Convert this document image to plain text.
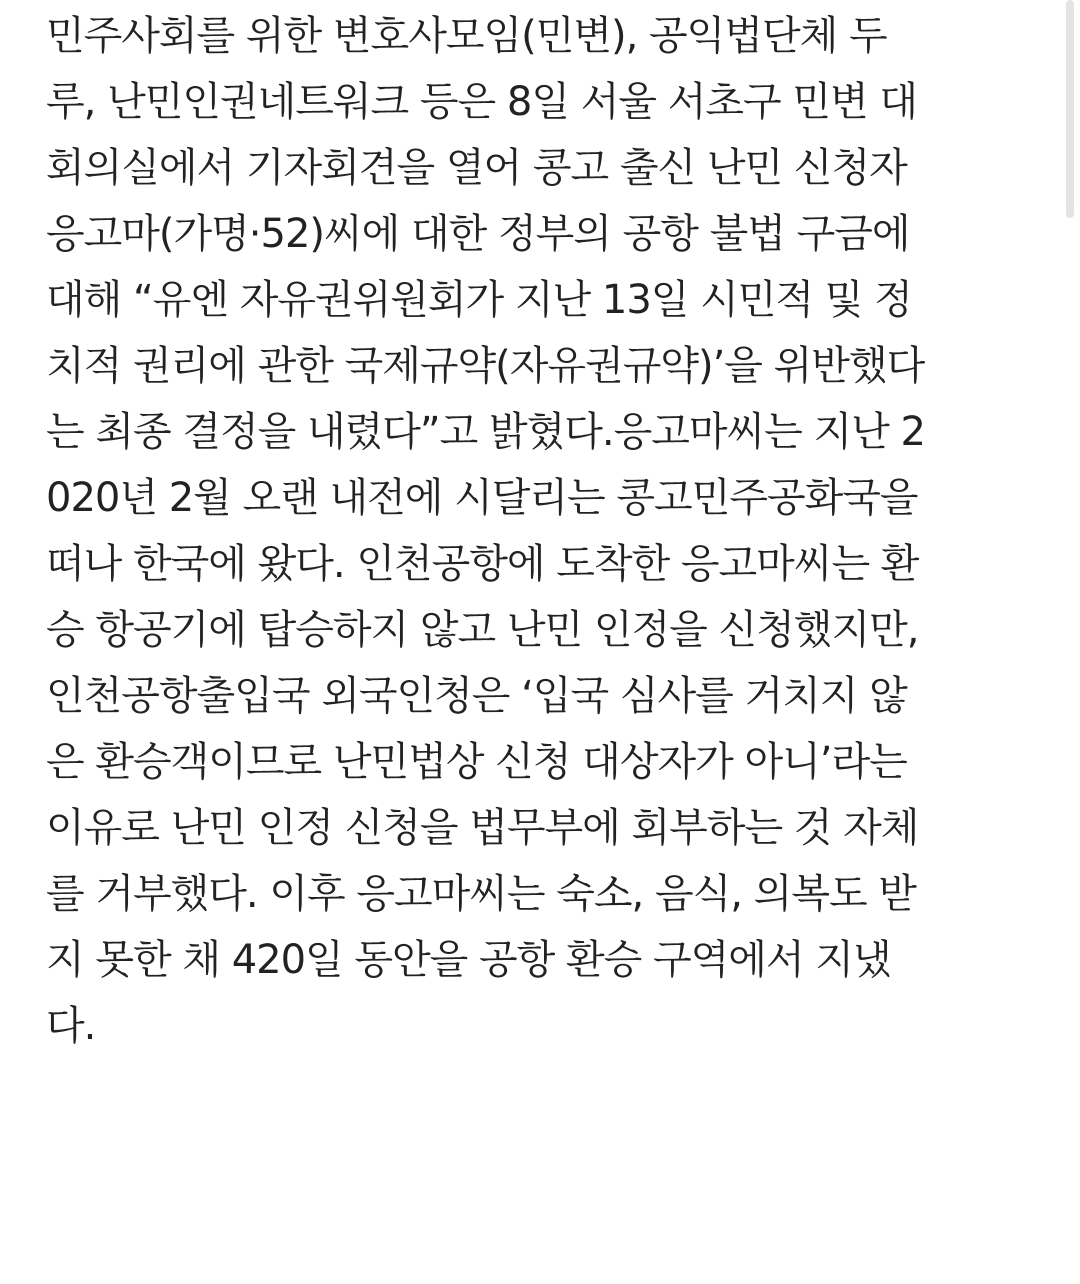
민주사회를 위한 변호사모임(민변), 공익법단체 두
루, 난민인권네트워크 등은 8일 서울 서초구 민변 대
회의실에서 기자회견을 열어 콩고 출신 난민 신청자
응고마(가명·52)씨에 대한 정부의 공항 불법 구금에
대해 “유엔 자유권위원회가 지난 13일 시민적 및 정
치적 권리에 관한 국제규약(자유권규약)’을 위반했다
는 최종 결정을 내렸다”고 밝혔다.응고마씨는 지난 2
020년 2월 오랜 내전에 시달리는 콩고민주공화국을
떠나 한국에 왔다. 인천공항에 도착한 응고마씨는 환
승 항공기에 탑승하지 않고 난민 인정을 신청했지만,
인천공항출입국 외국인청은 ‘입국 심사를 거치지 않
은 환승객이므로 난민법상 신청 대상자가 아니’라는
이유로 난민 인정 신청을 법무부에 회부하는 것 자체
를 거부했다. 이후 응고마씨는 숙소, 음식, 의복도 받
지 못한 채 420일 동안을 공항 환승 구역에서 지냈
다.
